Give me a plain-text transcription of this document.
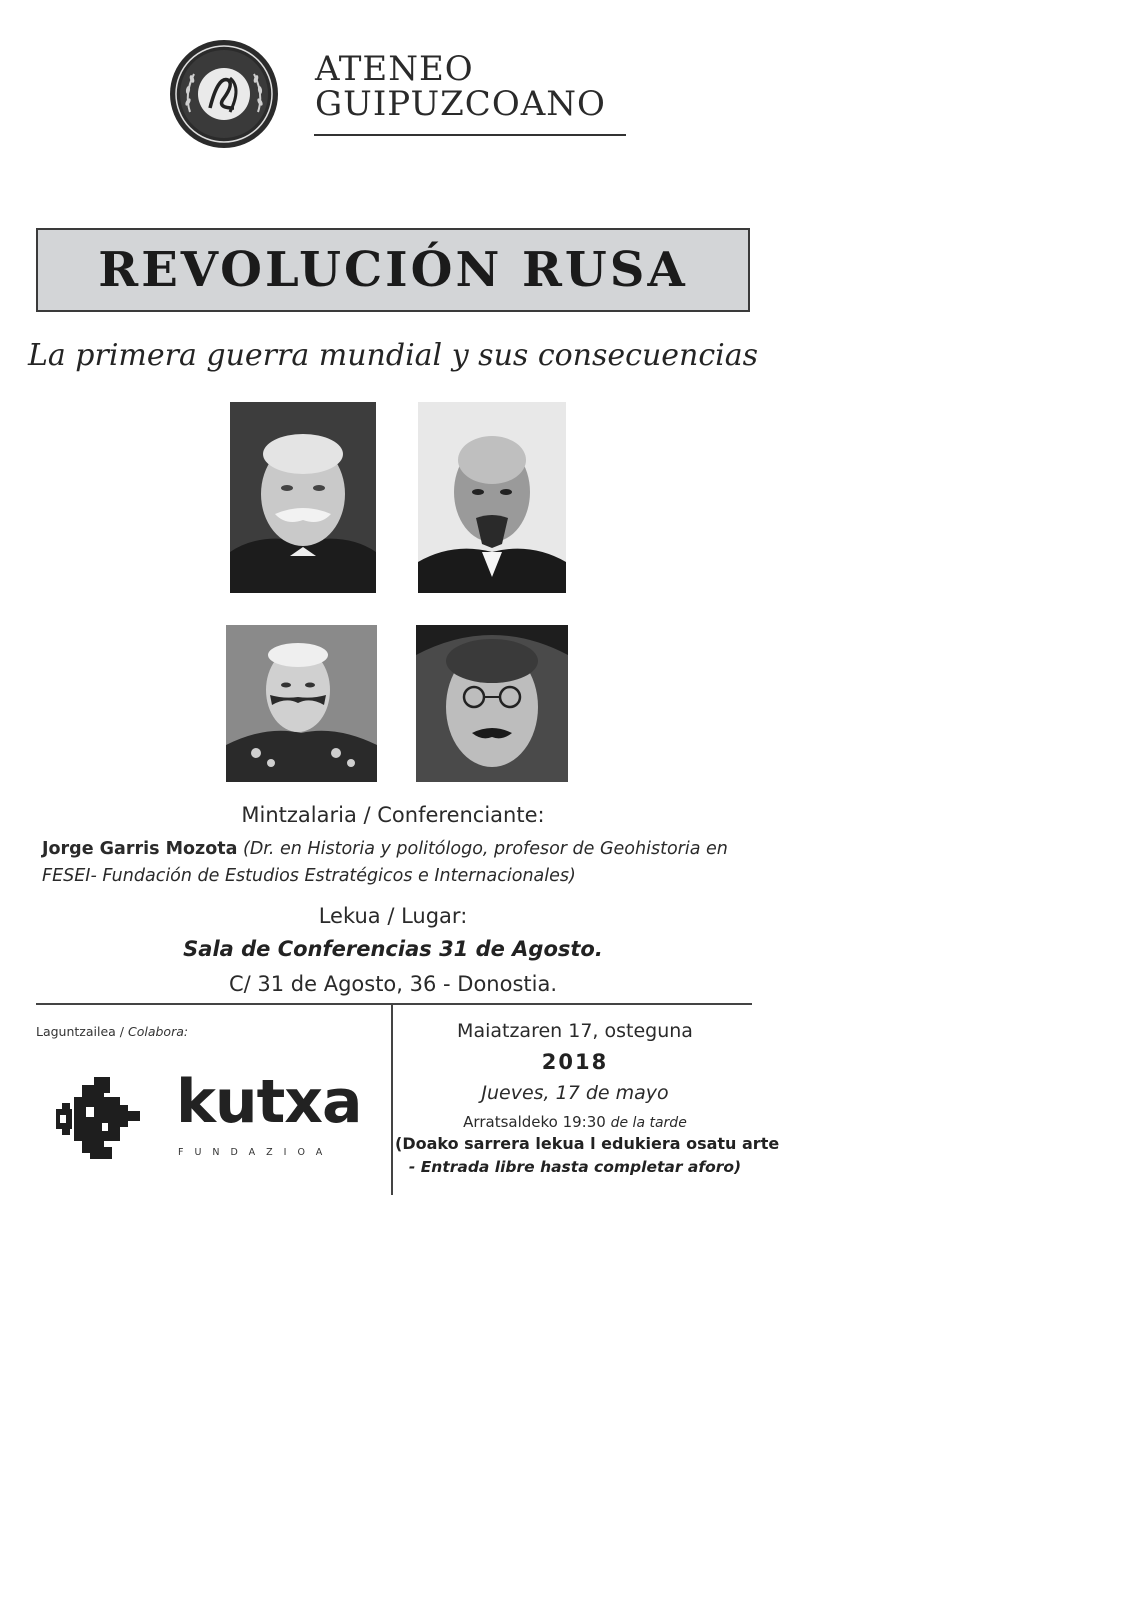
ATENEO
GUIPUZCOANO
REVOLUCIÓN RUSA
La primera guerra mundial y sus consecuencias
Mintzalaria / Conferenciante:
Jorge Garris Mozota (Dr. en Historia y politólogo, profesor de Geohistoria en FESEI- Fundación de Estudios Estratégicos e Internacionales)
Lekua / Lugar:
Sala de Conferencias 31 de Agosto.
C/ 31 de Agosto, 36 - Donostia.
Laguntzailea / Colabora:
kutxa
FUNDAZIOA
Maiatzaren 17, osteguna
2018
Jueves, 17 de mayo
Arratsaldeko 19:30 de la tarde
(Doako sarrera lekua l edukiera osatu arte
- Entrada libre hasta completar aforo)
